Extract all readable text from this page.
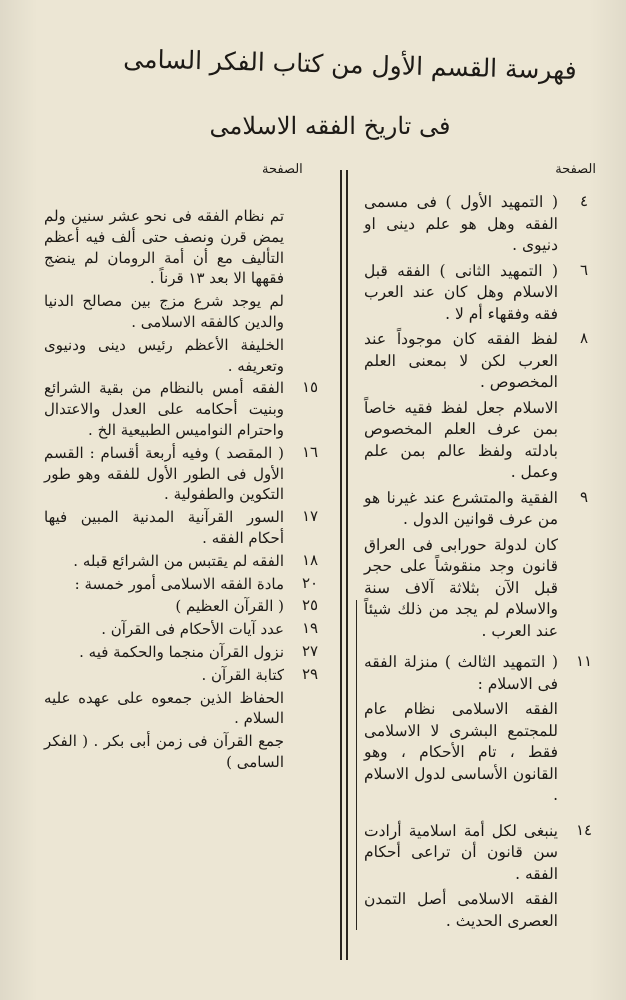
فهرسة القسم الأول من كتاب الفكر السامى
فى تاريخ الفقه الاسلامى
الصفحة
الصفحة
٤
( التمهيد الأول ) فى مسمى الفقه وهل هو علم دينى او دنيوى .
٦
( التمهيد الثانى ) الفقه قبل الاسلام وهل كان عند العرب فقه وفقهاء أم لا .
٨
لفظ الفقه كان موجوداً عند العرب لكن لا بمعنى العلم المخصوص .
الاسلام جعل لفظ فقيه خاصاً بمن عرف العلم المخصوص بادلته ولفظ عالم بمن علم وعمل .
٩
الفقية والمتشرع عند غيرنا هو من عرف قوانين الدول .
كان لدولة حورابى فى العراق قانون وجد منقوشاً على حجر قبل الآن بثلاثة آلاف سنة والاسلام لم يجد من ذلك شيئاً عند العرب .
١١
( التمهيد الثالث ) منزلة الفقه فى الاسلام :
الفقه الاسلامى نظام عام للمجتمع البشرى لا الاسلامى فقط ، تام الأحكام ، وهو القانون الأساسى لدول الاسلام .
١٤
ينبغى لكل أمة اسلامية أرادت سن قانون أن تراعى أحكام الفقه .
الفقه الاسلامى أصل التمدن العصرى الحديث .
تم نظام الفقه فى نحو عشر سنين ولم يمض قرن ونصف حتى ألف فيه أعظم التأليف مع أن أمة الرومان لم ينضج فقهها الا بعد ١٣ قرناً .
لم يوجد شرع مزج بين مصالح الدنيا والدين كالفقه الاسلامى .
الخليفة الأعظم رئيس دينى ودنيوى وتعريفه .
١٥
الفقه أمس بالنظام من بقية الشرائع وبنيت أحكامه على العدل والاعتدال واحترام النواميس الطبيعية الخ .
١٦
( المقصد ) وفيه أربعة أقسام : القسم الأول فى الطور الأول للفقه وهو طور التكوين والطفولية .
١٧
السور القرآنية المدنية المبين فيها أحكام الفقه .
١٨
الفقه لم يقتبس من الشرائع قبله .
٢٠
مادة الفقه الاسلامى أمور خمسة :
٢٥
( القرآن العظيم )
١٩
عدد آيات الأحكام فى القرآن .
٢٧
نزول القرآن منجما والحكمة فيه .
٢٩
كتابة القرآن .
الحفاظ الذين جمعوه على عهده عليه السلام .
جمع القرآن فى زمن أبى بكر . ( الفكر السامى )
